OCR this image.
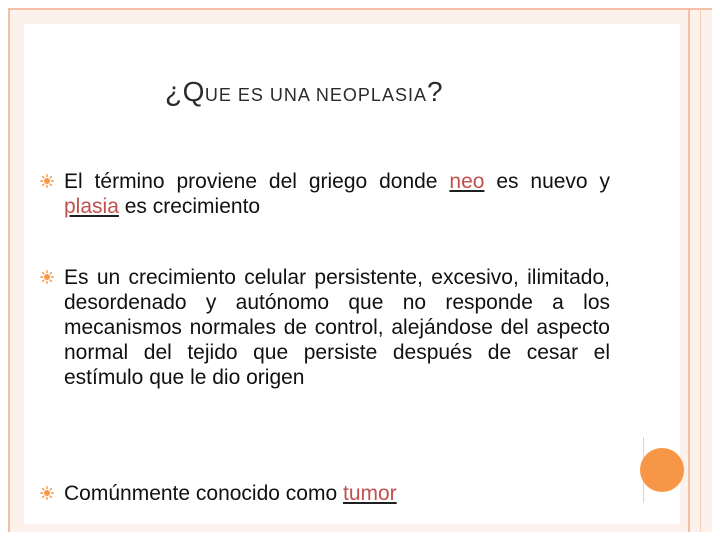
¿QUE ES UNA NEOPLASIA?
El término proviene del griego donde neo es nuevo y plasia es crecimiento
Es un crecimiento celular persistente, excesivo, ilimitado, desordenado y autónomo que no responde a los mecanismos normales de control, alejándose del aspecto normal del tejido que persiste después de cesar el estímulo que le dio origen
Comúnmente conocido como tumor
